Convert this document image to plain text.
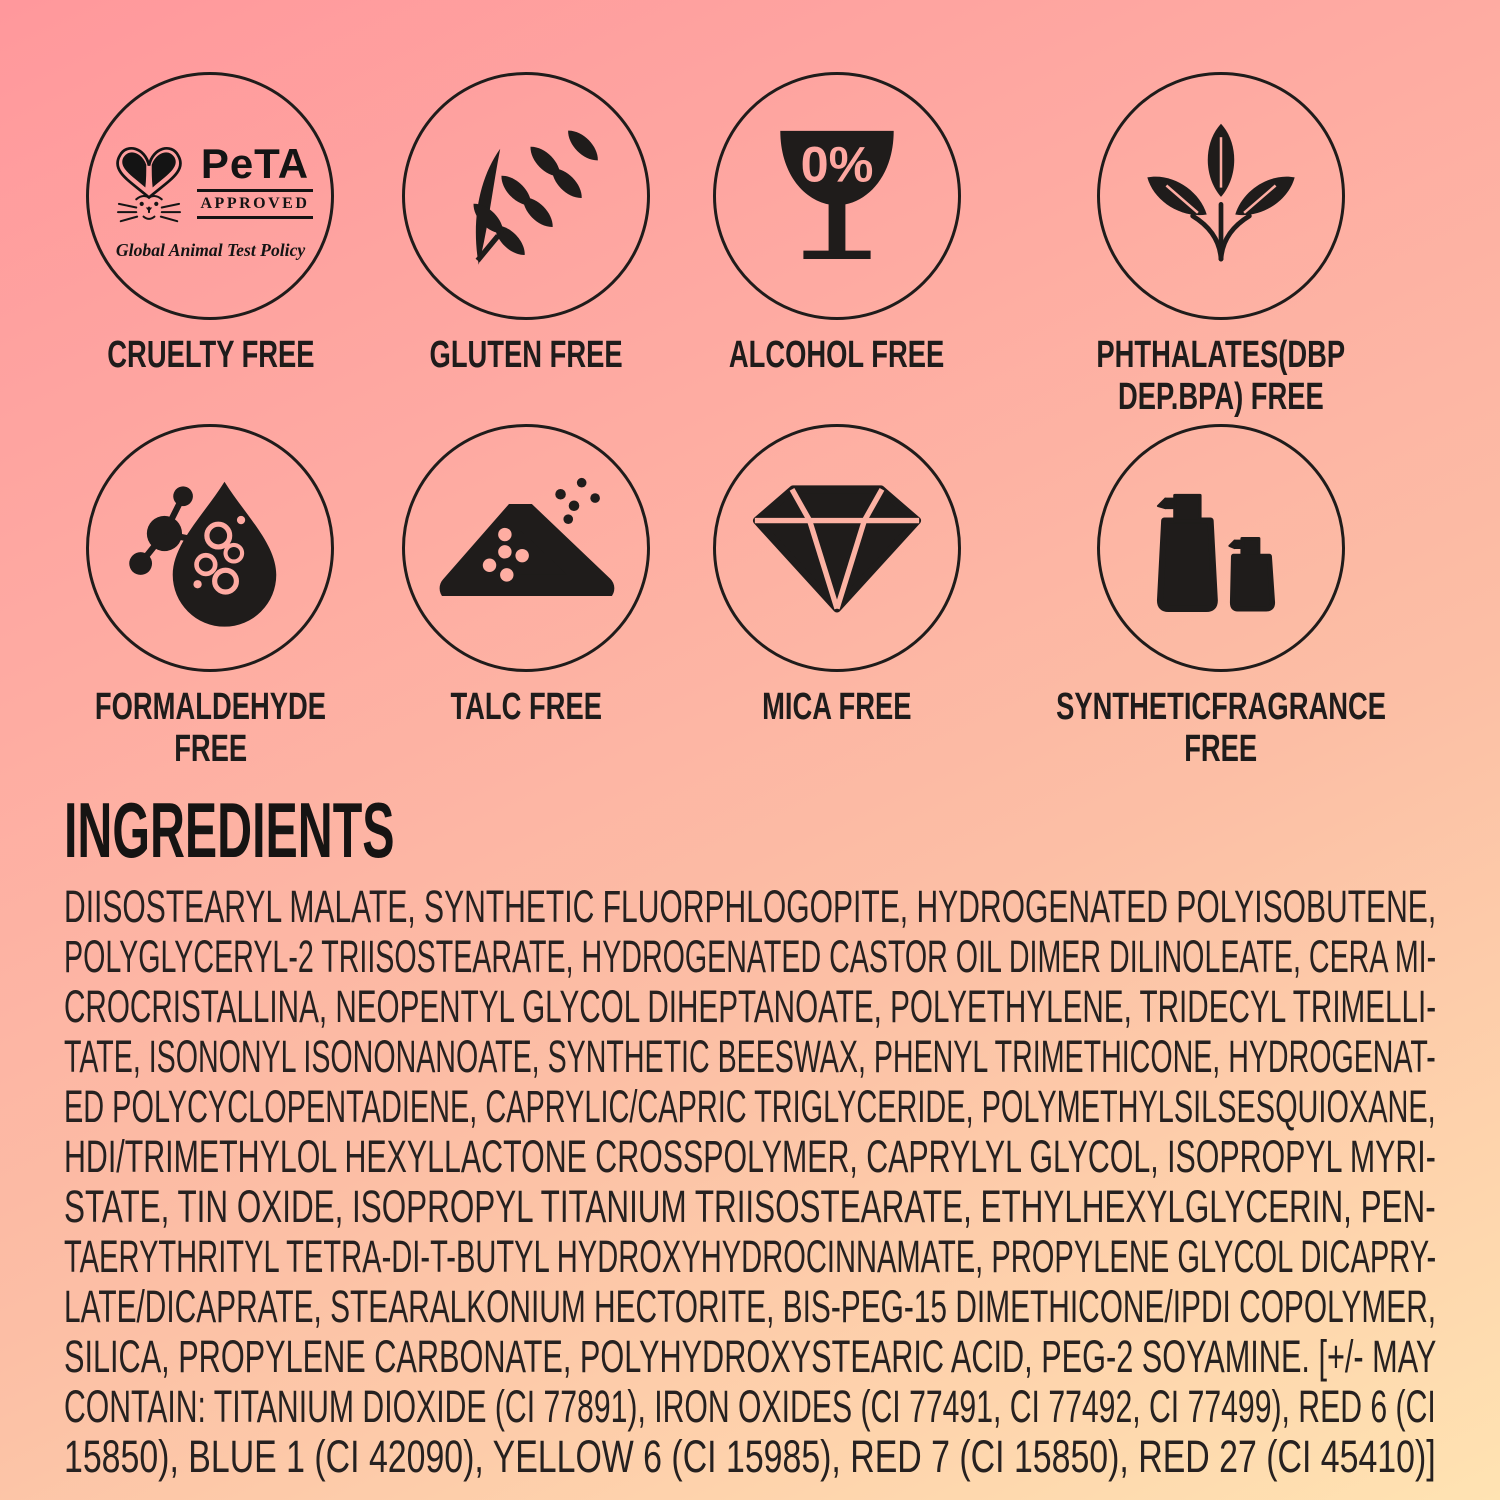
PeTA
APPROVED
Global Animal Test Policy
CRUELTY FREE	GLUTEN FREE	ALCOHOL FREE	PHTHALATES(DBP
DEP.BPA) FREE
FORMALDEHYDE
FREE
TALC FREE	MICA FREE	SYNTHETICFRAGRANCE
FREE
INGREDIENTS
DIISOSTEARYL MALATE, SYNTHETIC FLUORPHLOGOPITE, HYDROGENATED POLYISOBUTENE,
POLYGLYCERYL-2 TRIISOSTEARATE, HYDROGENATED CASTOR OIL DIMER DILINOLEATE, CERA MI-
CROCRISTALLINA, NEOPENTYL GLYCOL DIHEPTANOATE, POLYETHYLENE, TRIDECYL TRIMELLI-
TATE, ISONONYL ISONONANOATE, SYNTHETIC BEESWAX, PHENYL TRIMETHICONE, HYDROGENAT-
ED POLYCYCLOPENTADIENE, CAPRYLIC/CAPRIC TRIGLYCERIDE, POLYMETHYLSILSESQUIOXANE,
HDI/TRIMETHYLOL HEXYLLACTONE CROSSPOLYMER, CAPRYLYL GLYCOL, ISOPROPYL MYRI-
STATE, TIN OXIDE, ISOPROPYL TITANIUM TRIISOSTEARATE, ETHYLHEXYLGLYCERIN, PEN-
TAERYTHRITYL TETRA-DI-T-BUTYL HYDROXYHYDROCINNAMATE, PROPYLENE GLYCOL DICAPRY-
LATE/DICAPRATE, STEARALKONIUM HECTORITE, BIS-PEG-15 DIMETHICONE/IPDI COPOLYMER,
SILICA, PROPYLENE CARBONATE, POLYHYDROXYSTEARIC ACID, PEG-2 SOYAMINE. [+/- MAY
CONTAIN: TITANIUM DIOXIDE (CI 77891), IRON OXIDES (CI 77491, CI 77492, CI 77499), RED 6 (CI
15850), BLUE 1 (CI 42090), YELLOW 6 (CI 15985), RED 7 (CI 15850), RED 27 (CI 45410)]
